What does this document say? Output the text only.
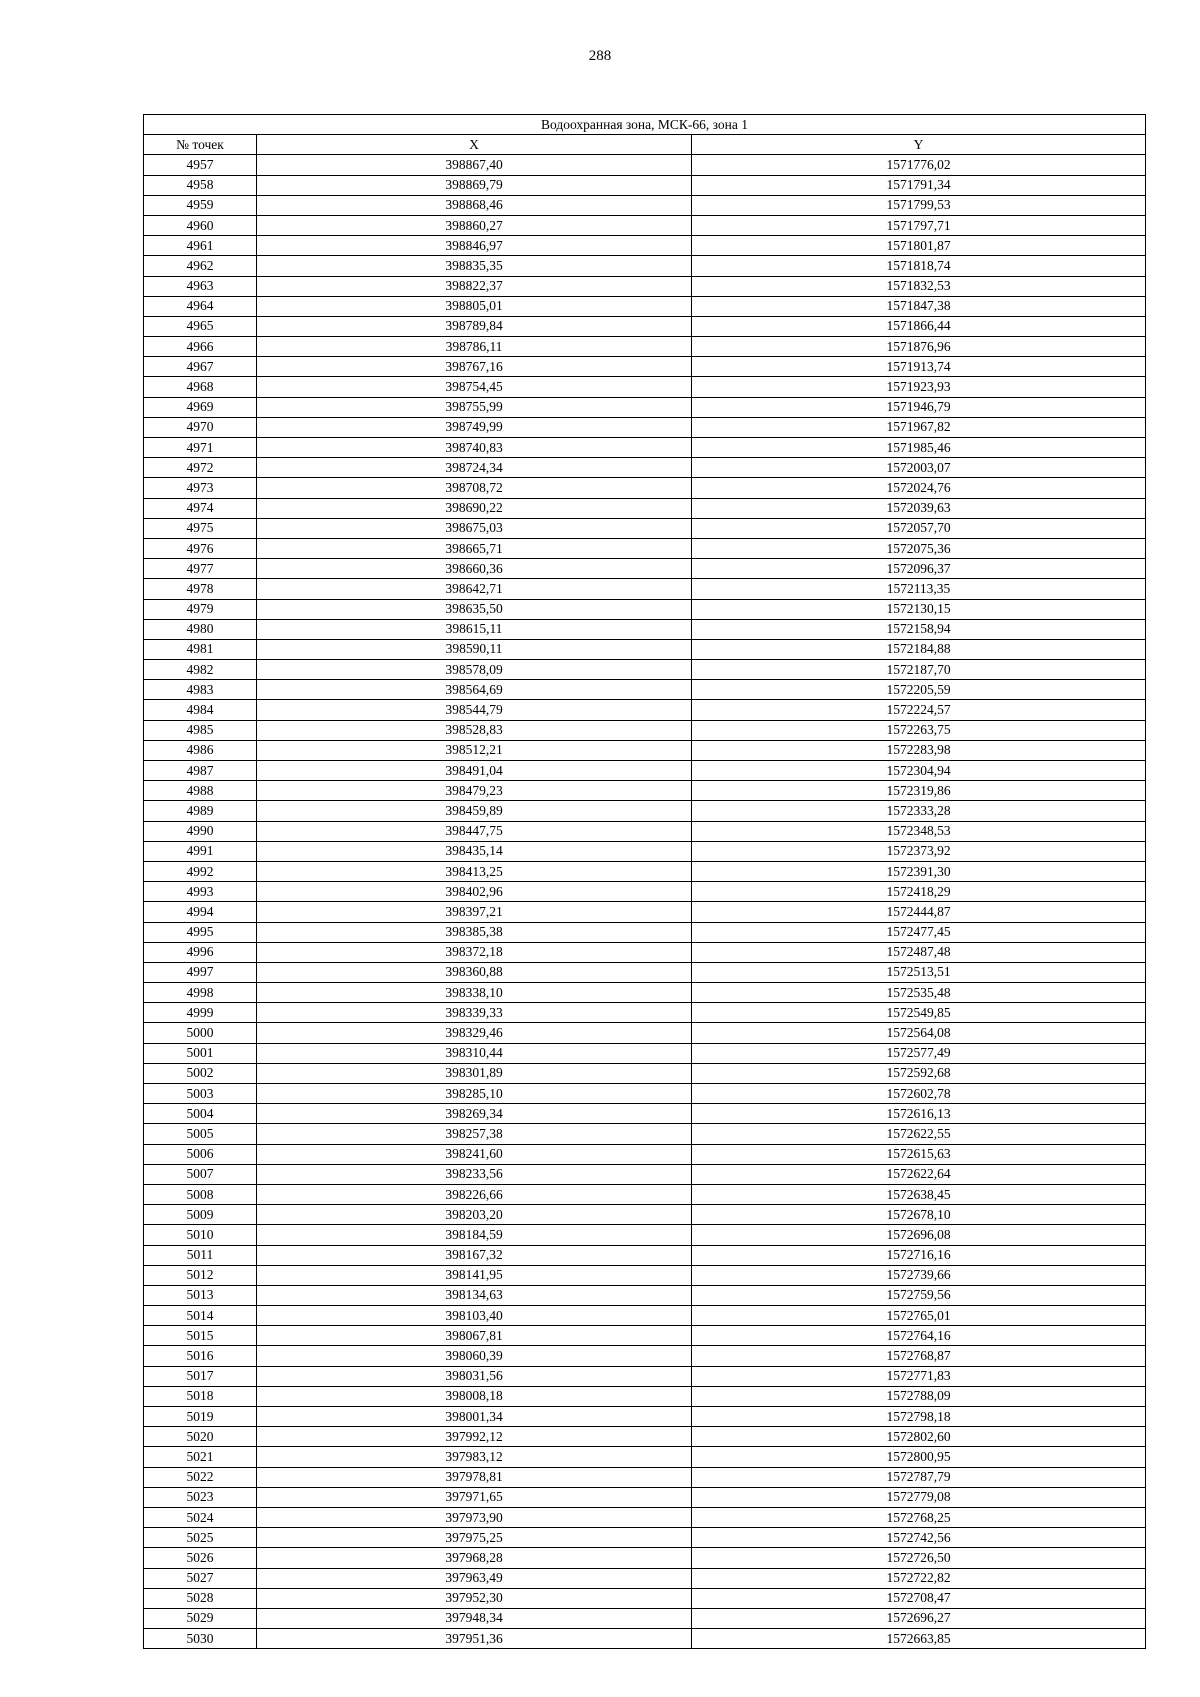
288
Водоохранная зона, МСК-66, зона 1		
№ точек	X	Y
4957	398867,40	1571776,02
4958	398869,79	1571791,34
4959	398868,46	1571799,53
4960	398860,27	1571797,71
4961	398846,97	1571801,87
4962	398835,35	1571818,74
4963	398822,37	1571832,53
4964	398805,01	1571847,38
4965	398789,84	1571866,44
4966	398786,11	1571876,96
4967	398767,16	1571913,74
4968	398754,45	1571923,93
4969	398755,99	1571946,79
4970	398749,99	1571967,82
4971	398740,83	1571985,46
4972	398724,34	1572003,07
4973	398708,72	1572024,76
4974	398690,22	1572039,63
4975	398675,03	1572057,70
4976	398665,71	1572075,36
4977	398660,36	1572096,37
4978	398642,71	1572113,35
4979	398635,50	1572130,15
4980	398615,11	1572158,94
4981	398590,11	1572184,88
4982	398578,09	1572187,70
4983	398564,69	1572205,59
4984	398544,79	1572224,57
4985	398528,83	1572263,75
4986	398512,21	1572283,98
4987	398491,04	1572304,94
4988	398479,23	1572319,86
4989	398459,89	1572333,28
4990	398447,75	1572348,53
4991	398435,14	1572373,92
4992	398413,25	1572391,30
4993	398402,96	1572418,29
4994	398397,21	1572444,87
4995	398385,38	1572477,45
4996	398372,18	1572487,48
4997	398360,88	1572513,51
4998	398338,10	1572535,48
4999	398339,33	1572549,85
5000	398329,46	1572564,08
5001	398310,44	1572577,49
5002	398301,89	1572592,68
5003	398285,10	1572602,78
5004	398269,34	1572616,13
5005	398257,38	1572622,55
5006	398241,60	1572615,63
5007	398233,56	1572622,64
5008	398226,66	1572638,45
5009	398203,20	1572678,10
5010	398184,59	1572696,08
5011	398167,32	1572716,16
5012	398141,95	1572739,66
5013	398134,63	1572759,56
5014	398103,40	1572765,01
5015	398067,81	1572764,16
5016	398060,39	1572768,87
5017	398031,56	1572771,83
5018	398008,18	1572788,09
5019	398001,34	1572798,18
5020	397992,12	1572802,60
5021	397983,12	1572800,95
5022	397978,81	1572787,79
5023	397971,65	1572779,08
5024	397973,90	1572768,25
5025	397975,25	1572742,56
5026	397968,28	1572726,50
5027	397963,49	1572722,82
5028	397952,30	1572708,47
5029	397948,34	1572696,27
5030	397951,36	1572663,85
